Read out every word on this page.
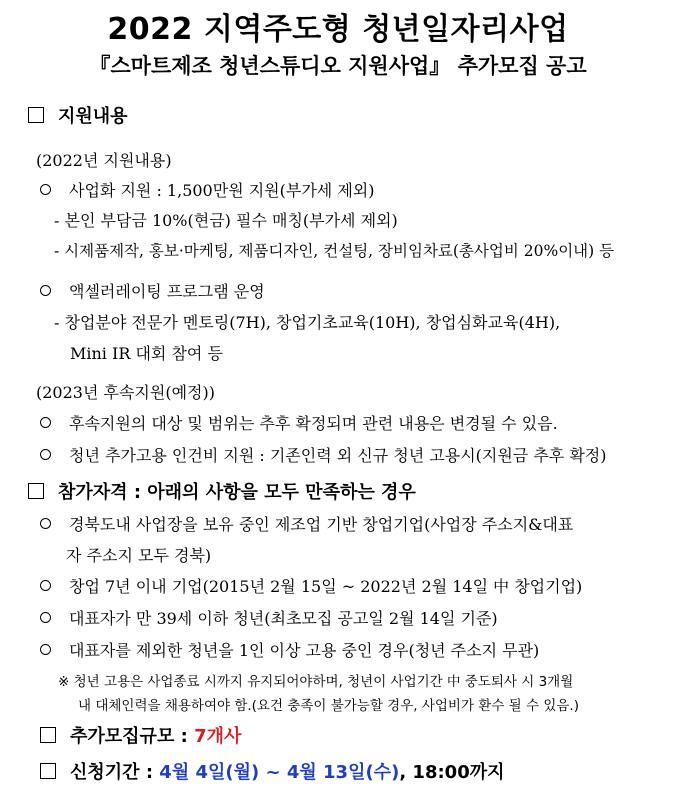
2022 지역주도형 청년일자리사업
『스마트제조 청년스튜디오 지원사업』 추가모집 공고
지원내용
(2022년 지원내용)
사업화 지원 : 1,500만원 지원(부가세 제외)
- 본인 부담금 10%(현금) 필수 매칭(부가세 제외)
- 시제품제작, 홍보·마케팅, 제품디자인, 컨설팅, 장비임차료(총사업비 20%이내) 등
액셀러레이팅 프로그램 운영
- 창업분야 전문가 멘토링(7H), 창업기초교육(10H), 창업심화교육(4H),
Mini IR 대회 참여 등
(2023년 후속지원(예정))
후속지원의 대상 및 범위는 추후 확정되며 관련 내용은 변경될 수 있음.
청년 추가고용 인건비 지원 : 기존인력 외 신규 청년 고용시(지원금 추후 확정)
참가자격 : 아래의 사항을 모두 만족하는 경우
경북도내 사업장을 보유 중인 제조업 기반 창업기업(사업장 주소지&대표
자 주소지 모두 경북)
창업 7년 이내 기업(2015년 2월 15일 ~ 2022년 2월 14일 中 창업기업)
대표자가 만 39세 이하 청년(최초모집 공고일 2월 14일 기준)
대표자를 제외한 청년을 1인 이상 고용 중인 경우(청년 주소지 무관)
※ 청년 고용은 사업종료 시까지 유지되어야하며, 청년이 사업기간 中 중도퇴사 시 3개월
내 대체인력을 채용하여야 함.(요건 충족이 불가능할 경우, 사업비가 환수 될 수 있음.)
추가모집규모 : 7개사
신청기간 : 4월 4일(월) ~ 4월 13일(수), 18:00까지
